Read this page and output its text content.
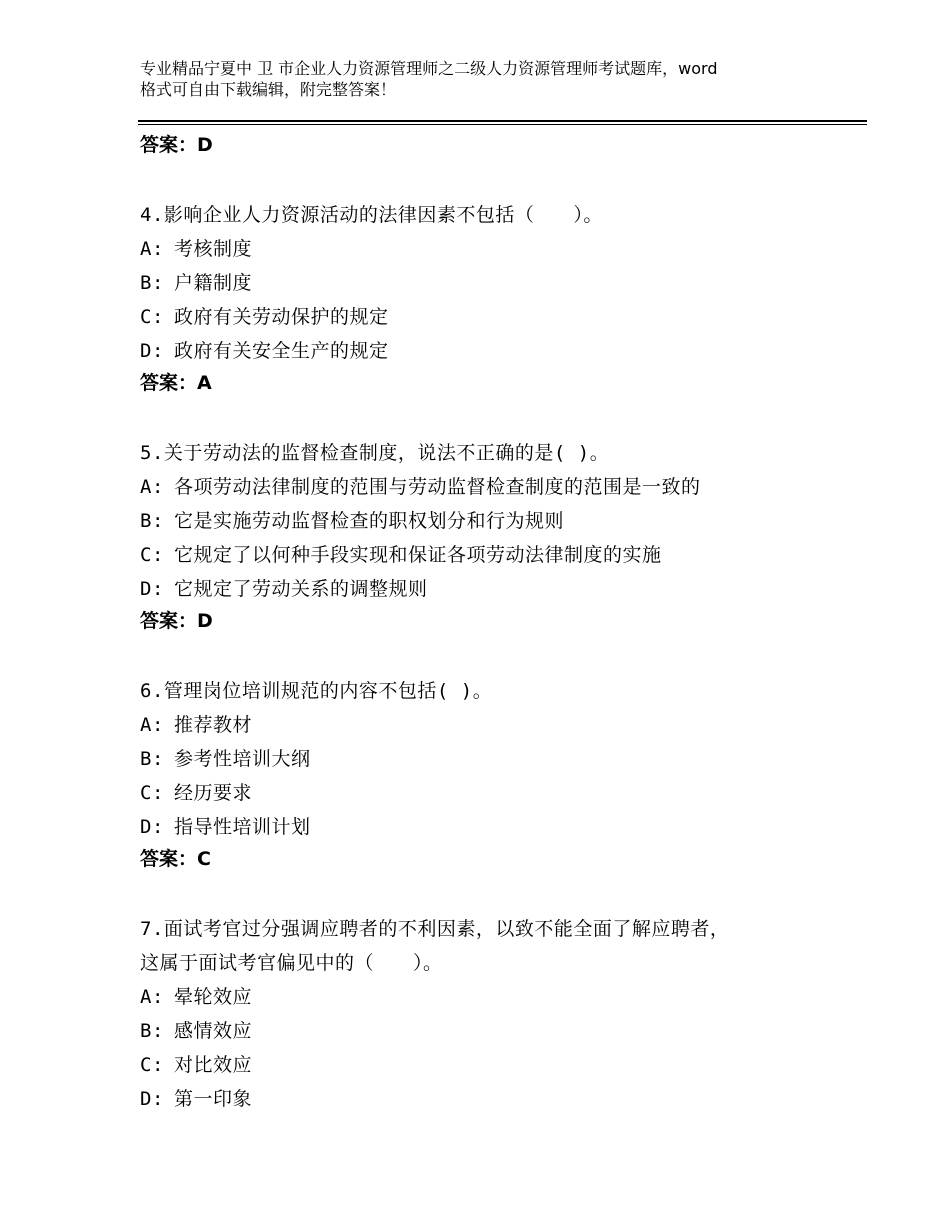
专业精品宁夏中 卫 市企业人力资源管理师之二级人力资源管理师考试题库，word
格式可自由下载编辑，附完整答案！

答案：D

4.影响企业人力资源活动的法律因素不包括（　　）。

A: 考核制度

B: 户籍制度

C: 政府有关劳动保护的规定

D: 政府有关安全生产的规定

答案：A

5.关于劳动法的监督检查制度，说法不正确的是( )。

A: 各项劳动法律制度的范围与劳动监督检查制度的范围是一致的

B: 它是实施劳动监督检查的职权划分和行为规则

C: 它规定了以何种手段实现和保证各项劳动法律制度的实施

D: 它规定了劳动关系的调整规则

答案：D

6.管理岗位培训规范的内容不包括( )。

A: 推荐教材

B: 参考性培训大纲

C: 经历要求

D: 指导性培训计划

答案：C

7.面试考官过分强调应聘者的不利因素，以致不能全面了解应聘者，

这属于面试考官偏见中的（　　）。

A: 晕轮效应

B: 感情效应

C: 对比效应

D: 第一印象
